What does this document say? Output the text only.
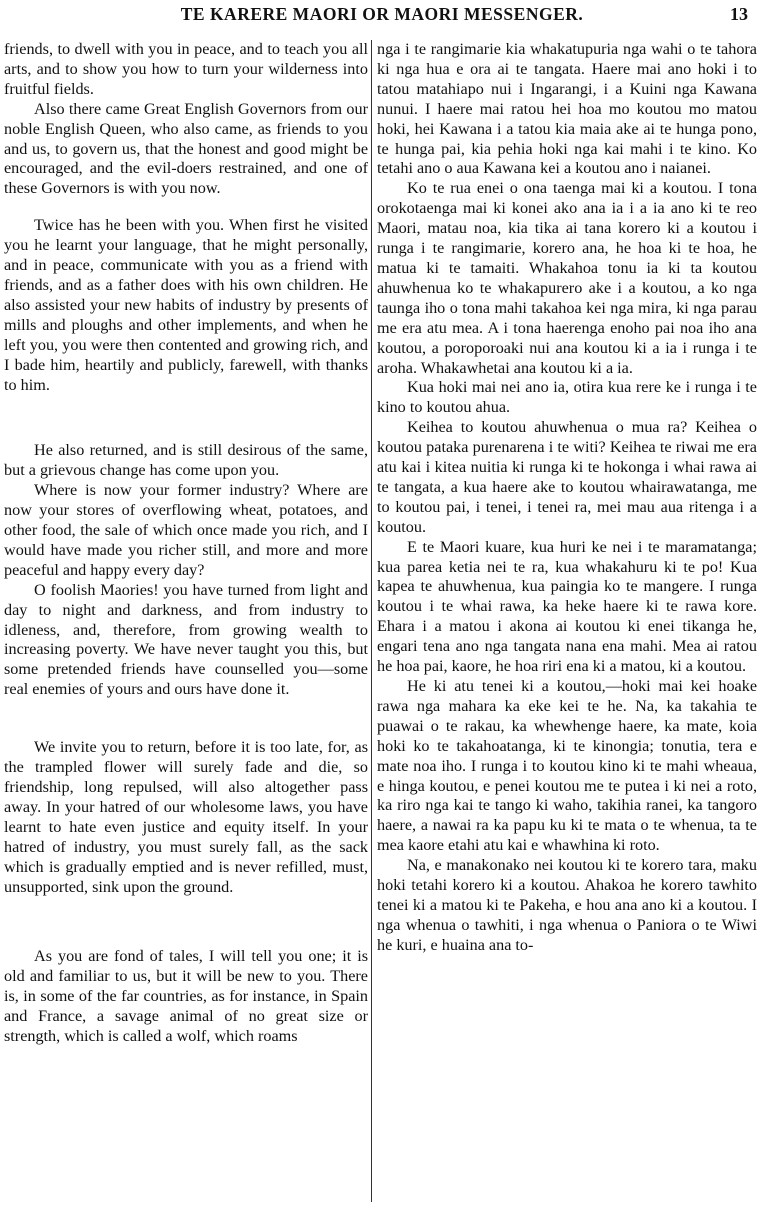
TE KARERE MAORI OR MAORI MESSENGER.	13

friends, to dwell with you in peace, and to teach you all arts, and to show you how to turn your wilderness into fruitful fields.

Also there came Great English Governors from our noble English Queen, who also came, as friends to you and us, to govern us, that the honest and good might be encouraged, and the evil-doers restrained, and one of these Governors is with you now.

Twice has he been with you. When first he visited you he learnt your language, that he might personally, and in peace, communicate with you as a friend with friends, and as a father does with his own children. He also assisted your new habits of industry by presents of mills and ploughs and other implements, and when he left you, you were then contented and growing rich, and I bade him, heartily and publicly, farewell, with thanks to him.

He also returned, and is still desirous of the same, but a grievous change has come upon you.

Where is now your former industry? Where are now your stores of overflowing wheat, potatoes, and other food, the sale of which once made you rich, and I would have made you richer still, and more and more peaceful and happy every day?

O foolish Maories! you have turned from light and day to night and darkness, and from industry to idleness, and, therefore, from growing wealth to increasing poverty. We have never taught you this, but some pretended friends have counselled you—some real enemies of yours and ours have done it.

We invite you to return, before it is too late, for, as the trampled flower will surely fade and die, so friendship, long repulsed, will also altogether pass away. In your hatred of our wholesome laws, you have learnt to hate even justice and equity itself. In your hatred of industry, you must surely fall, as the sack which is gradually emptied and is never refilled, must, unsupported, sink upon the ground.

As you are fond of tales, I will tell you one; it is old and familiar to us, but it will be new to you. There is, in some of the far countries, as for instance, in Spain and France, a savage animal of no great size or strength, which is called a wolf, which roams

nga i te rangimarie kia whakatupuria nga wahi o te tahora ki nga hua e ora ai te tangata. Haere mai ano hoki i to tatou matahiapo nui i Ingarangi, i a Kuini nga Kawana nunui. I haere mai ratou hei hoa mo koutou mo matou hoki, hei Kawana i a tatou kia maia ake ai te hunga pono, te hunga pai, kia pehia hoki nga kai mahi i te kino. Ko tetahi ano o aua Kawana kei a koutou ano i naianei.

Ko te rua enei o ona taenga mai ki a koutou. I tona orokotaenga mai ki konei ako ana ia i a ia ano ki te reo Maori, matau noa, kia tika ai tana korero ki a koutou i runga i te rangimarie, korero ana, he hoa ki te hoa, he matua ki te tamaiti. Whakahoa tonu ia ki ta koutou ahuwhenua ko te whakapurero ake i a koutou, a ko nga taunga iho o tona mahi takahoa kei nga mira, ki nga parau me era atu mea. A i tona haerenga enoho pai noa iho ana koutou, a poroporoaki nui ana koutou ki a ia i runga i te aroha. Whakawhetai ana koutou ki a ia.

Kua hoki mai nei ano ia, otira kua rere ke i runga i te kino to koutou ahua.

Keihea to koutou ahuwhenua o mua ra? Keihea o koutou pataka purenarena i te witi? Keihea te riwai me era atu kai i kitea nuitia ki runga ki te hokonga i whai rawa ai te tangata, a kua haere ake to koutou whairawatanga, me to koutou pai, i tenei, i tenei ra, mei mau aua ritenga i a koutou.

E te Maori kuare, kua huri ke nei i te maramatanga; kua parea ketia nei te ra, kua whakahuru ki te po! Kua kapea te ahuwhenua, kua paingia ko te mangere. I runga koutou i te whai rawa, ka heke haere ki te rawa kore. Ehara i a matou i akona ai koutou ki enei tikanga he, engari tena ano nga tangata nana ena mahi. Mea ai ratou he hoa pai, kaore, he hoa riri ena ki a matou, ki a koutou.

He ki atu tenei ki a koutou,—hoki mai kei hoake rawa nga mahara ka eke kei te he. Na, ka takahia te puawai o te rakau, ka whewhenge haere, ka mate, koia hoki ko te takahoatanga, ki te kinongia; tonutia, tera e mate noa iho. I runga i to koutou kino ki te mahi wheaua, e hinga koutou, e penei koutou me te putea i ki nei a roto, ka riro nga kai te tango ki waho, takihia ranei, ka tangoro haere, a nawai ra ka papu ku ki te mata o te whenua, ta te mea kaore etahi atu kai e whawhina ki roto.

Na, e manakonako nei koutou ki te korero tara, maku hoki tetahi korero ki a koutou. Ahakoa he korero tawhito tenei ki a matou ki te Pakeha, e hou ana ano ki a koutou. I nga whenua o tawhiti, i nga whenua o Paniora o te Wiwi he kuri, e huaina ana to-
